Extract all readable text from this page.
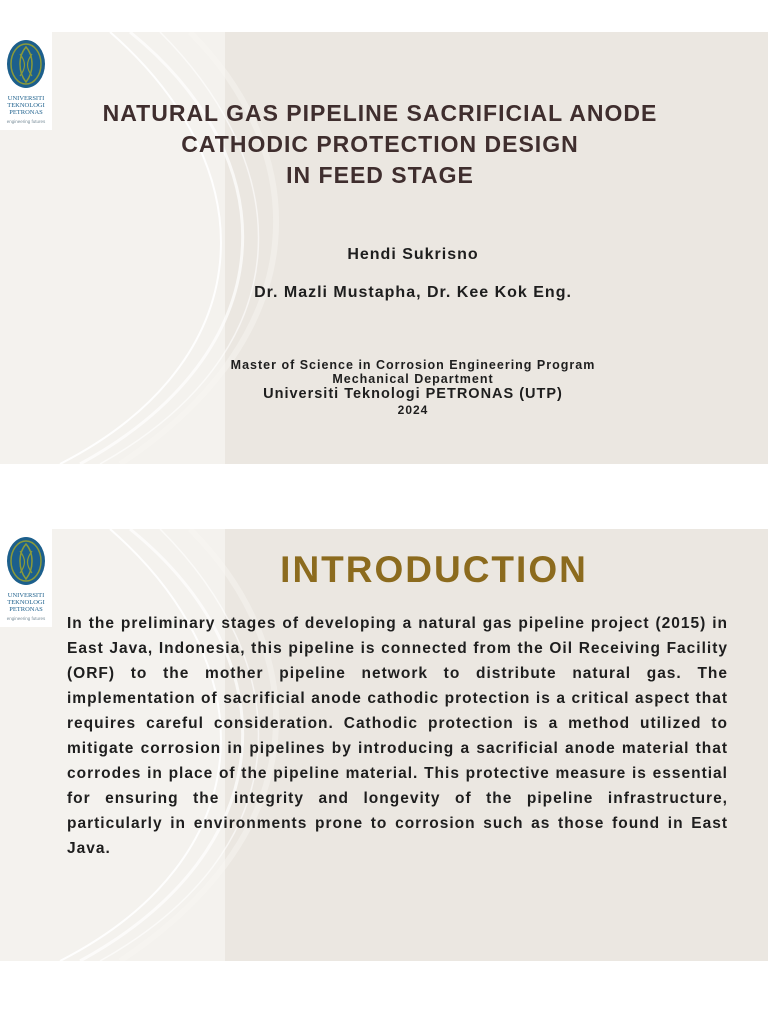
UNIVERSITI
TEKNOLOGI
PETRONAS
engineering futures	NATURAL GAS PIPELINE SACRIFICIAL ANODE
CATHODIC PROTECTION DESIGN
IN FEED STAGE
Hendi Sukrisno
Dr. Mazli Mustapha, Dr. Kee Kok Eng.
Master of Science in Corrosion Engineering Program
Mechanical Department
Universiti Teknologi PETRONAS (UTP)
2024
UNIVERSITI
TEKNOLOGI
PETRONAS
engineering futures
INTRODUCTION
In the preliminary stages of developing a natural gas pipeline project (2015) in East Java, Indonesia, this pipeline is connected from the Oil Receiving Facility (ORF) to the mother pipeline network to distribute natural gas. The implementation of sacrificial anode cathodic protection is a critical aspect that requires careful consideration. Cathodic protection is a method utilized to mitigate corrosion in pipelines by introducing a sacrificial anode material that corrodes in place of the pipeline material. This protective measure is essential for ensuring the integrity and longevity of the pipeline infrastructure, particularly in environments prone to corrosion such as those found in East Java.
